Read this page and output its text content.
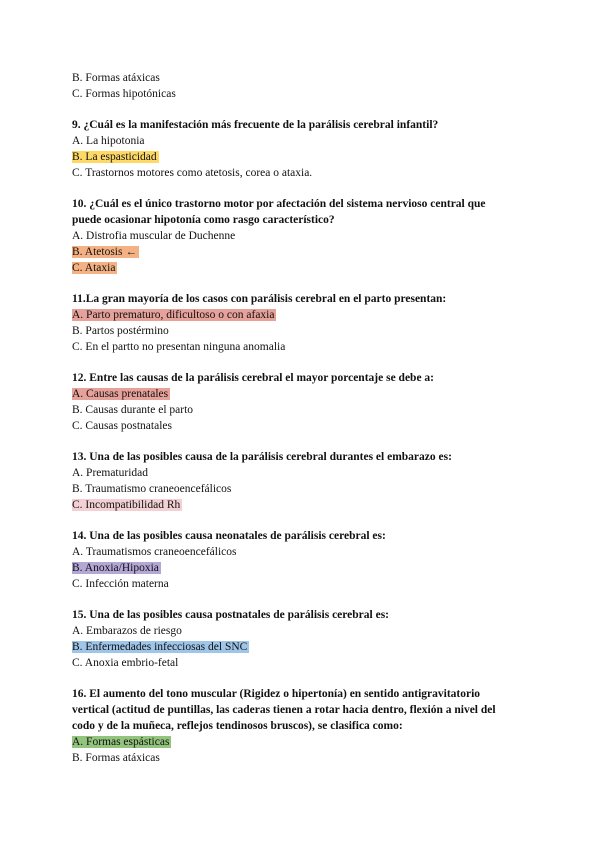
B. Formas atáxicas
C. Formas hipotónicas
9. ¿Cuál es la manifestación más frecuente de la parálisis cerebral infantil?
A. La hipotonia
B. La espasticidad
C. Trastornos motores como atetosis, corea o ataxia.
10. ¿Cuál es el único trastorno motor por afectación del sistema nervioso central que
puede ocasionar hipotonía como rasgo característico?
A. Distrofia muscular de Duchenne
B. Atetosis ←
C. Ataxia
11.La gran mayoría de los casos con parálisis cerebral en el parto presentan:
A. Parto prematuro, dificultoso o con afaxia
B. Partos postérmino
C. En el partto no presentan ninguna anomalia
12. Entre las causas de la parálisis cerebral el mayor porcentaje se debe a:
A. Causas prenatales
B. Causas durante el parto
C. Causas postnatales
13. Una de las posibles causa de la parálisis cerebral durantes el embarazo es:
A. Prematuridad
B. Traumatismo craneoencefálicos
C. Incompatibilidad Rh
14. Una de las posibles causa neonatales de parálisis cerebral es:
A. Traumatismos craneoencefálicos
B. Anoxia/Hipoxia
C. Infección materna
15. Una de las posibles causa postnatales de parálisis cerebral es:
A. Embarazos de riesgo
B. Enfermedades infecciosas del SNC
C. Anoxia embrio-fetal
16. El aumento del tono muscular (Rigidez o hipertonía) en sentido antigravitatorio
vertical (actitud de puntillas, las caderas tienen a rotar hacia dentro, flexión a nivel del
codo y de la muñeca, reflejos tendinosos bruscos), se clasifica como:
A. Formas espásticas
B. Formas atáxicas
